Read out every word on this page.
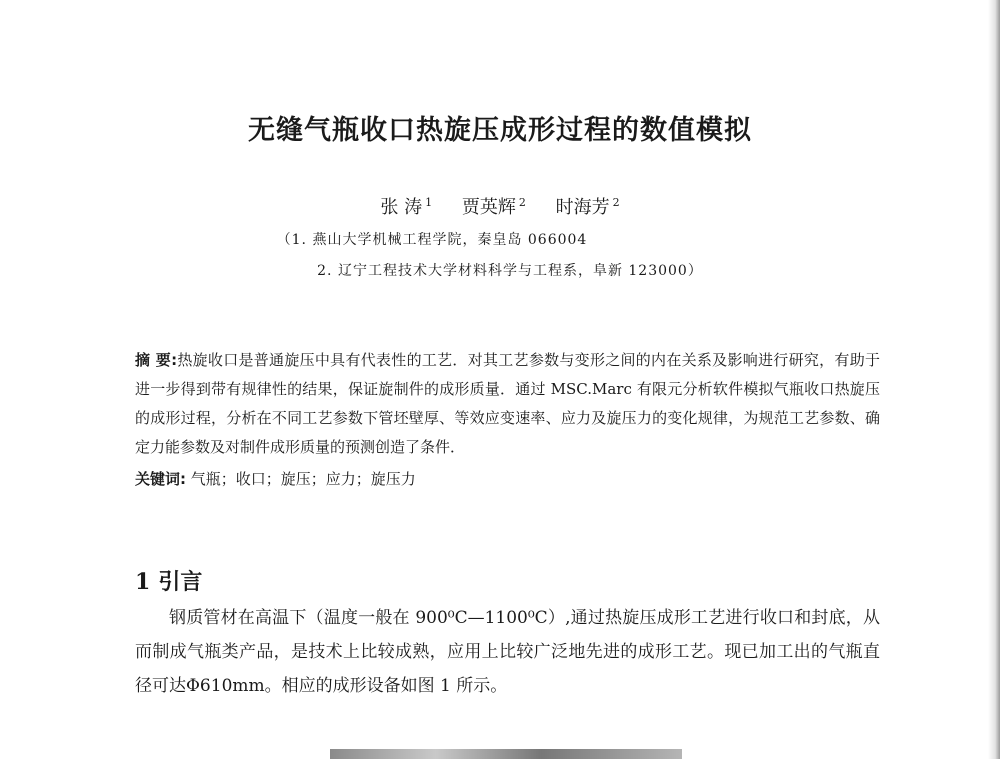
无缝气瓶收口热旋压成形过程的数值模拟
张 涛 $^1$ 贾英辉 $^2$ 时海芳 $^2$
（1. 燕山大学机械工程学院，秦皇岛 066004
2. 辽宁工程技术大学材料科学与工程系，阜新 123000）
摘 要:热旋收口是普通旋压中具有代表性的工艺．对其工艺参数与变形之间的内在关系及影响进行研究，有助于进一步得到带有规律性的结果，保证旋制件的成形质量．通过 MSC.Marc 有限元分析软件模拟气瓶收口热旋压的成形过程，分析在不同工艺参数下管坯壁厚、等效应变速率、应力及旋压力的变化规律，为规范工艺参数、确定力能参数及对制件成形质量的预测创造了条件．
关键词: 气瓶；收口；旋压；应力；旋压力
1 引言
钢质管材在高温下（温度一般在 900⁰C—1100⁰C）,通过热旋压成形工艺进行收口和封底，从而制成气瓶类产品，是技术上比较成熟，应用上比较广泛地先进的成形工艺。现已加工出的气瓶直径可达Φ610mm。相应的成形设备如图 1 所示。
